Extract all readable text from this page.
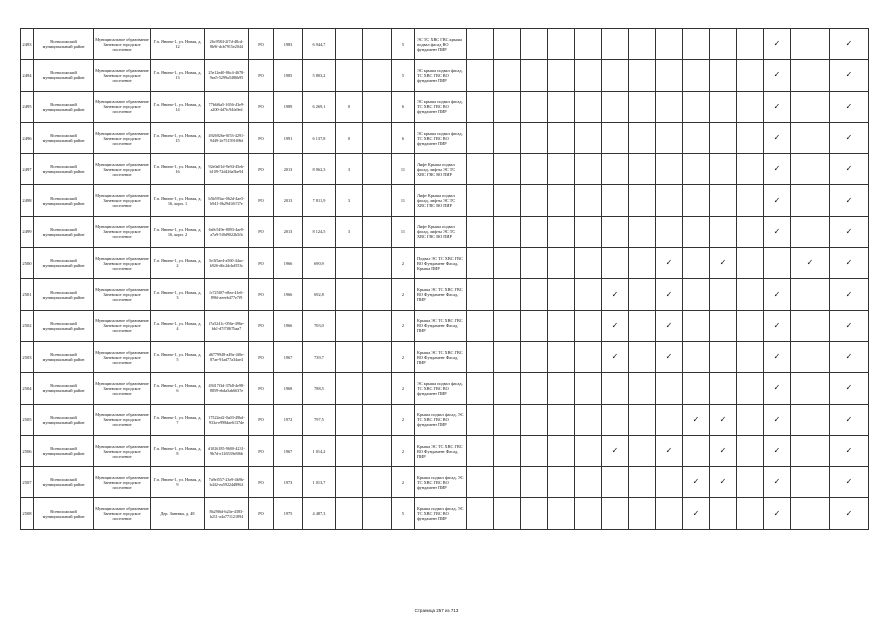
2493	Всеволожский муниципальный район	Муниципальное образование Заневское городское поселение	Г.п. Янино-1, ул. Новая, д. 12	26c9584-2f7d-48cd-8b9f-dcb7915e2044	РО	1983	6 944,7			5	ЭС ТС ХВС ГВС крыша подвал фасад ВО фундамент ПИР												✓		✓
2494	Всеволожский муниципальный район	Муниципальное образование Заневское городское поселение	Г.п. Янино-1, ул. Новая, д. 13	25e12ed0-86c4-4678-9ea5-5299a5486b95	РО	1985	5 803,2			5	ЭС крыша подвал фасад, ТС ХВС ГВС ВО фундамент ПИР												✓		✓
2495	Всеволожский муниципальный район	Муниципальное образование Заневское городское поселение	Г.п. Янино-1, ул. Новая, д. 14	77b6f6a5-1656-43e9-a200-4d7fc94fa9ed	РО	1989	6 269,1	0		6	ЭС крыша подвал фасад, ТС ХВС ГВС ВО фундамент ПИР												✓		✓
2496	Всеволожский муниципальный район	Муниципальное образование Заневское городское поселение	Г.п. Янино-1, ул. Новая, д. 15	4926926e-0f53-4291-9449-2e75159169bf	РО	1991	6 137,8	0		6	ЭС крыша подвал фасад, ТС ХВС ГВС ВО фундамент ПИР												✓		✓
2497	Всеволожский муниципальный район	Муниципальное образование Заневское городское поселение	Г.п. Янино-1, ул. Новая, д. 16	92e0a01d-9e94-45eb-b109-72d426a5be94	РО	2013	8 062,3	3		11	Лифт Крыша подвал фасад, лифты ЭС ТС ХВС ГВС ВО ПИР												✓		✓
2498	Всеволожский муниципальный район	Муниципальное образование Заневское городское поселение	Г.п. Янино-1, ул. Новая, д. 16, корп. 1	b5b593ac-062d-4ae5-b941-0b29d1f67f7e	РО	2013	7 811,9	3		11	Лифт Крыша подвал фасад, лифты ЭС ТС ХВС ГВС ВО ПИР												✓		✓
2499	Всеволожский муниципальный район	Муниципальное образование Заневское городское поселение	Г.п. Янино-1, ул. Новая, д. 16, корп. 2	6a9c549e-8093-4ae9-a7a9-5f0d9022b5fb	РО	2013	8 124,5	3		11	Лифт Крыша подвал фасад, лифты ЭС ТС ХВС ГВС ВО ПИР												✓		✓
2500	Всеволожский муниципальный район	Муниципальное образование Заневское городское поселение	Г.п. Янино-1, ул. Новая, д. 2	5e3f5ae4-a560-44ac-b926-d6c2dcbd553c	РО	1966	690,9			2	Подвал ЭС ТС ХВС ГВС ВО Фундамент Фасад, Крыша ПИР								✓		✓			✓	✓
2501	Всеволожский муниципальный район	Муниципальное образование Заневское городское поселение	Г.п. Янино-1, ул. Новая, д. 3	fc725f07-e8ea-41e6-896f-aeeeb477e7f9	РО	1966	692,8			2	Крыша ЭС ТС ХВС ГВС ВО Фундамент Фасад, ПИР						✓		✓				✓		✓
2502	Всеволожский муниципальный район	Муниципальное образование Заневское городское поселение	Г.п. Янино-1, ул. Новая, д. 4	f7a5241c-056e-496e-bb1-d7f7f8f7baa7	РО	1966	703,0			2	Крыша ЭС ТС ХВС ГВС ВО Фундамент Фасад, ПИР						✓		✓				✓		✓
2503	Всеволожский муниципальный район	Муниципальное образование Заневское городское поселение	Г.п. Янино-1, ул. Новая, д. 5	d6779948-a49a-4f0e-87ae-91ad77a34ae4	РО	1967	739,7			2	Крыша ЭС ТС ХВС ГВС ВО Фундамент Фасад, ПИР						✓		✓				✓		✓
2504	Всеволожский муниципальный район	Муниципальное образование Заневское городское поселение	Г.п. Янино-1, ул. Новая, д. 6	49417f3d-37b8-4e98-8859-ebda5ab6637e	РО	1968	788,5			2	ЭС крыша подвал фасад, ТС ХВС ГВС ВО фундамент ПИР												✓		✓
2505	Всеволожский муниципальный район	Муниципальное образование Заневское городское поселение	Г.п. Янино-1, ул. Новая, д. 7	17522ed2-0a03-49bd-933a-e998dae6137de	РО	1972	797,5			2	Крыша подвал фасад, ЭС ТС ХВС ГВС ВО фундамент ПИР									✓	✓		✓		✓
2506	Всеволожский муниципальный район	Муниципальное образование Заневское городское поселение	Г.п. Янино-1, ул. Новая, д. 8	d1026185-9600-4231-9b7d-e126539e8f6b	РО	1967	1 014,2			2	Крыша ЭС ТС ХВС ГВС ВО Фундамент Фасад, ПИР						✓		✓		✓		✓		✓
2507	Всеволожский муниципальный район	Муниципальное образование Заневское городское поселение	Г.п. Янино-1, ул. Новая, д. 9	7a9ef557-23e9-4b9b-b442-ea59224d8962	РО	1973	1 013,7			2	Крыша подвал фасад, ЭС ТС ХВС ГВС ВО фундамент ПИР									✓	✓		✓		✓
2508	Всеволожский муниципальный район	Муниципальное образование Заневское городское поселение	Дер. Заневка, д. 48	8b29f6d-b24e-4383-b211-a4a771121894	РО	1975	4 487,3			5	Крыша подвал фасад, ЭС ТС ХВС ГВС ВО фундамент ПИР									✓			✓		✓
Страница 257 из 713
